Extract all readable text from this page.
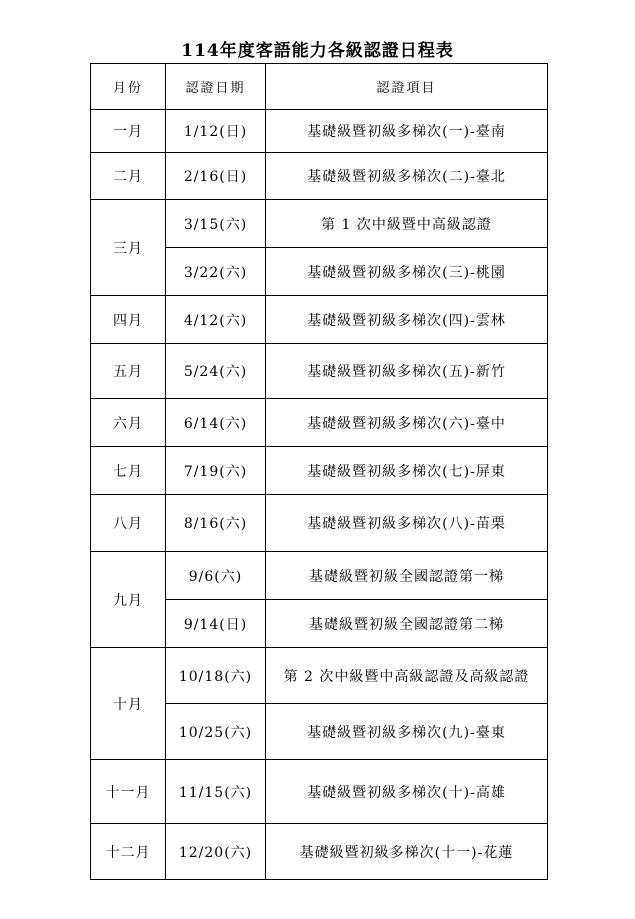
114年度客語能力各級認證日程表
月份	認證日期	認證項目
一月	1/12(日)	基礎級暨初級多梯次(一)-臺南
二月	2/16(日)	基礎級暨初級多梯次(二)-臺北
三月	3/15(六)	第 1 次中級暨中高級認證
	3/22(六)	基礎級暨初級多梯次(三)-桃園
四月	4/12(六)	基礎級暨初級多梯次(四)-雲林
五月	5/24(六)	基礎級暨初級多梯次(五)-新竹
六月	6/14(六)	基礎級暨初級多梯次(六)-臺中
七月	7/19(六)	基礎級暨初級多梯次(七)-屏東
八月	8/16(六)	基礎級暨初級多梯次(八)-苗栗
九月	9/6(六)	基礎級暨初級全國認證第一梯
	9/14(日)	基礎級暨初級全國認證第二梯
十月	10/18(六)	第 2 次中級暨中高級認證及高級認證
	10/25(六)	基礎級暨初級多梯次(九)-臺東
十一月	11/15(六)	基礎級暨初級多梯次(十)-高雄
十二月	12/20(六)	基礎級暨初級多梯次(十一)-花蓮
